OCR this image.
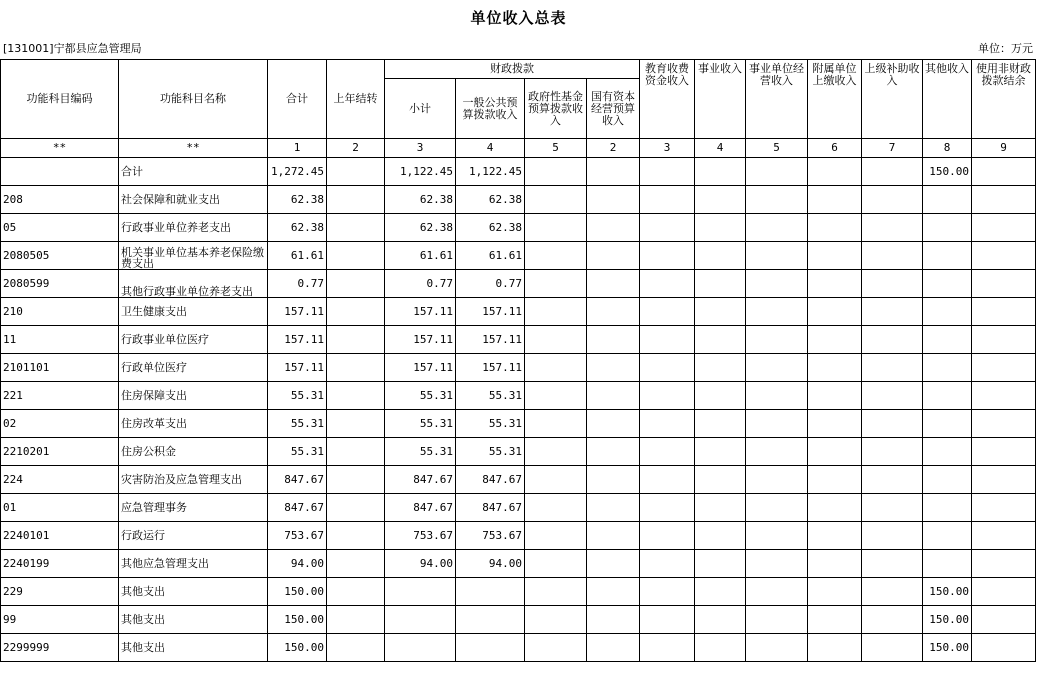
单位收入总表
[131001]宁都县应急管理局	单位：万元
功能科目编码	功能科目名称	合计	上年结转	财政拨款				教育收费资金收入	事业收入	事业单位经营收入	附属单位上缴收入	上级补助收入	其他收入	使用非财政拨款结余
				小计	一般公共预算拨款收入	政府性基金预算拨款收入	国有资本经营预算收入							
**	**	1	2	3	4	5	2	3	4	5	6	7	8	9
	合计	1,272.45		1,122.45	1,122.45								150.00	
208	社会保障和就业支出	62.38		62.38	62.38									
05	行政事业单位养老支出	62.38		62.38	62.38									
2080505	机关事业单位基本养老保险缴费支出	61.61		61.61	61.61									
2080599	其他行政事业单位养老支出	0.77		0.77	0.77									
210	卫生健康支出	157.11		157.11	157.11									
11	行政事业单位医疗	157.11		157.11	157.11									
2101101	行政单位医疗	157.11		157.11	157.11									
221	住房保障支出	55.31		55.31	55.31									
02	住房改革支出	55.31		55.31	55.31									
2210201	住房公积金	55.31		55.31	55.31									
224	灾害防治及应急管理支出	847.67		847.67	847.67									
01	应急管理事务	847.67		847.67	847.67									
2240101	行政运行	753.67		753.67	753.67									
2240199	其他应急管理支出	94.00		94.00	94.00									
229	其他支出	150.00											150.00	
99	其他支出	150.00											150.00	
2299999	其他支出	150.00											150.00	
